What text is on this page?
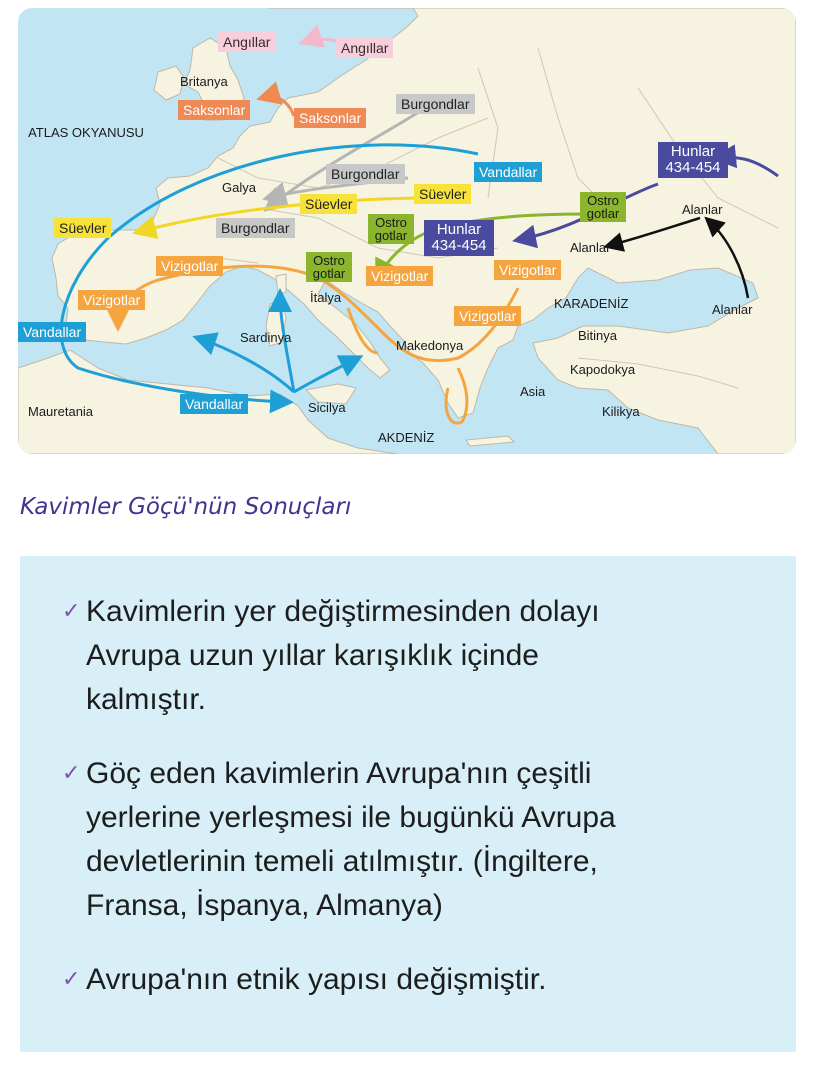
Angıllar	Angıllar
Saksonlar	Saksonlar
Burgondlar
Burgondlar
Burgondlar
Vandallar
Vandallar
Vandallar
Süevler
Süevler
Süevler	Ostro
gotlar
Ostro
gotlar
Ostro
gotlar
Hunlar
434-454
Hunlar
434-454
Vizigotlar
Vizigotlar
Vizigotlar	Vizigotlar
Vizigotlar
Alanlar
Alanlar
Alanlar
Britanya
ATLAS OKYANUSU
Galya
İtalya
Sardinya
Sicilya
Mauretania
Makedonya
Asia
KARADENİZ
Bitinya
Kapodokya
Kilikya
AKDENİZ
Kavimler Göçü'nün Sonuçları
✓ Kavimlerin yer değiştirmesinden dolayı
Avrupa uzun yıllar karışıklık içinde
kalmıştır.
✓ Göç eden kavimlerin Avrupa'nın çeşitli
yerlerine yerleşmesi ile bugünkü Avrupa
devletlerinin temeli atılmıştır. (İngiltere,
Fransa, İspanya, Almanya)
✓ Avrupa'nın etnik yapısı değişmiştir.
